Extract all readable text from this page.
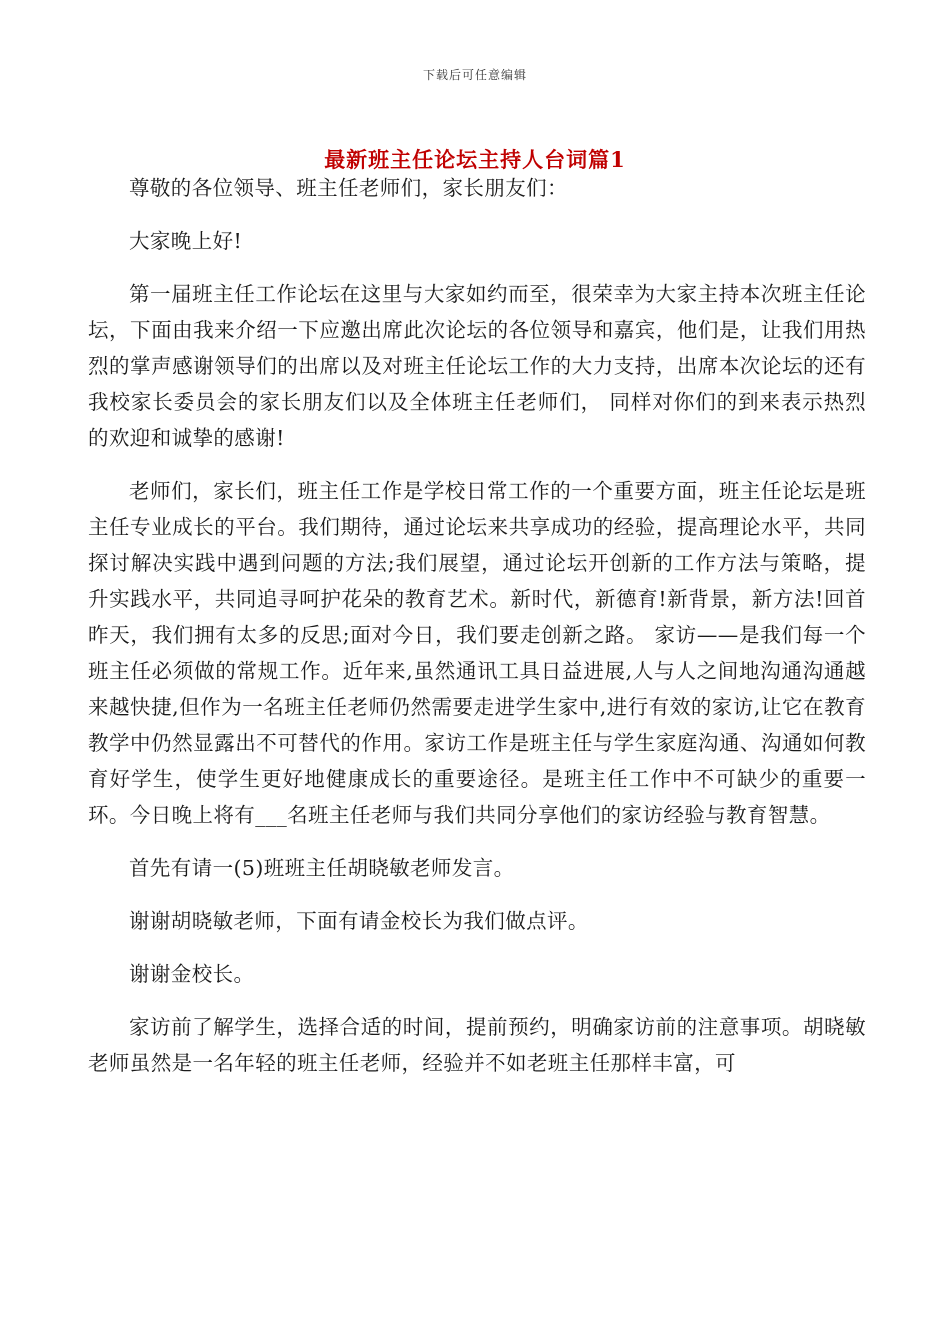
下载后可任意编辑
最新班主任论坛主持人台词篇1

尊敬的各位领导、班主任老师们，家长朋友们：

大家晚上好!

第一届班主任工作论坛在这里与大家如约而至，很荣幸为大家主持本次班主任论坛，下面由我来介绍一下应邀出席此次论坛的各位领导和嘉宾，他们是，让我们用热烈的掌声感谢领导们的出席以及对班主任论坛工作的大力支持，出席本次论坛的还有我校家长委员会的家长朋友们以及全体班主任老师们， 同样对你们的到来表示热烈的欢迎和诚挚的感谢!

老师们，家长们，班主任工作是学校日常工作的一个重要方面，班主任论坛是班主任专业成长的平台。我们期待，通过论坛来共享成功的经验，提高理论水平，共同探讨解决实践中遇到问题的方法;我们展望，通过论坛开创新的工作方法与策略，提升实践水平，共同追寻呵护花朵的教育艺术。新时代，新德育!新背景，新方法!回首昨天，我们拥有太多的反思;面对今日，我们要走创新之路。 家访——是我们每一个班主任必须做的常规工作。近年来,虽然通讯工具日益进展,人与人之间地沟通沟通越来越快捷,但作为一名班主任老师仍然需要走进学生家中,进行有效的家访,让它在教育教学中仍然显露出不可替代的作用。家访工作是班主任与学生家庭沟通、沟通如何教育好学生，使学生更好地健康成长的重要途径。是班主任工作中不可缺少的重要一环。今日晚上将有___名班主任老师与我们共同分享他们的家访经验与教育智慧。

首先有请一(5)班班主任胡晓敏老师发言。

谢谢胡晓敏老师，下面有请金校长为我们做点评。

谢谢金校长。

家访前了解学生，选择合适的时间，提前预约，明确家访前的注意事项。胡晓敏老师虽然是一名年轻的班主任老师，经验并不如老班主任那样丰富，可
